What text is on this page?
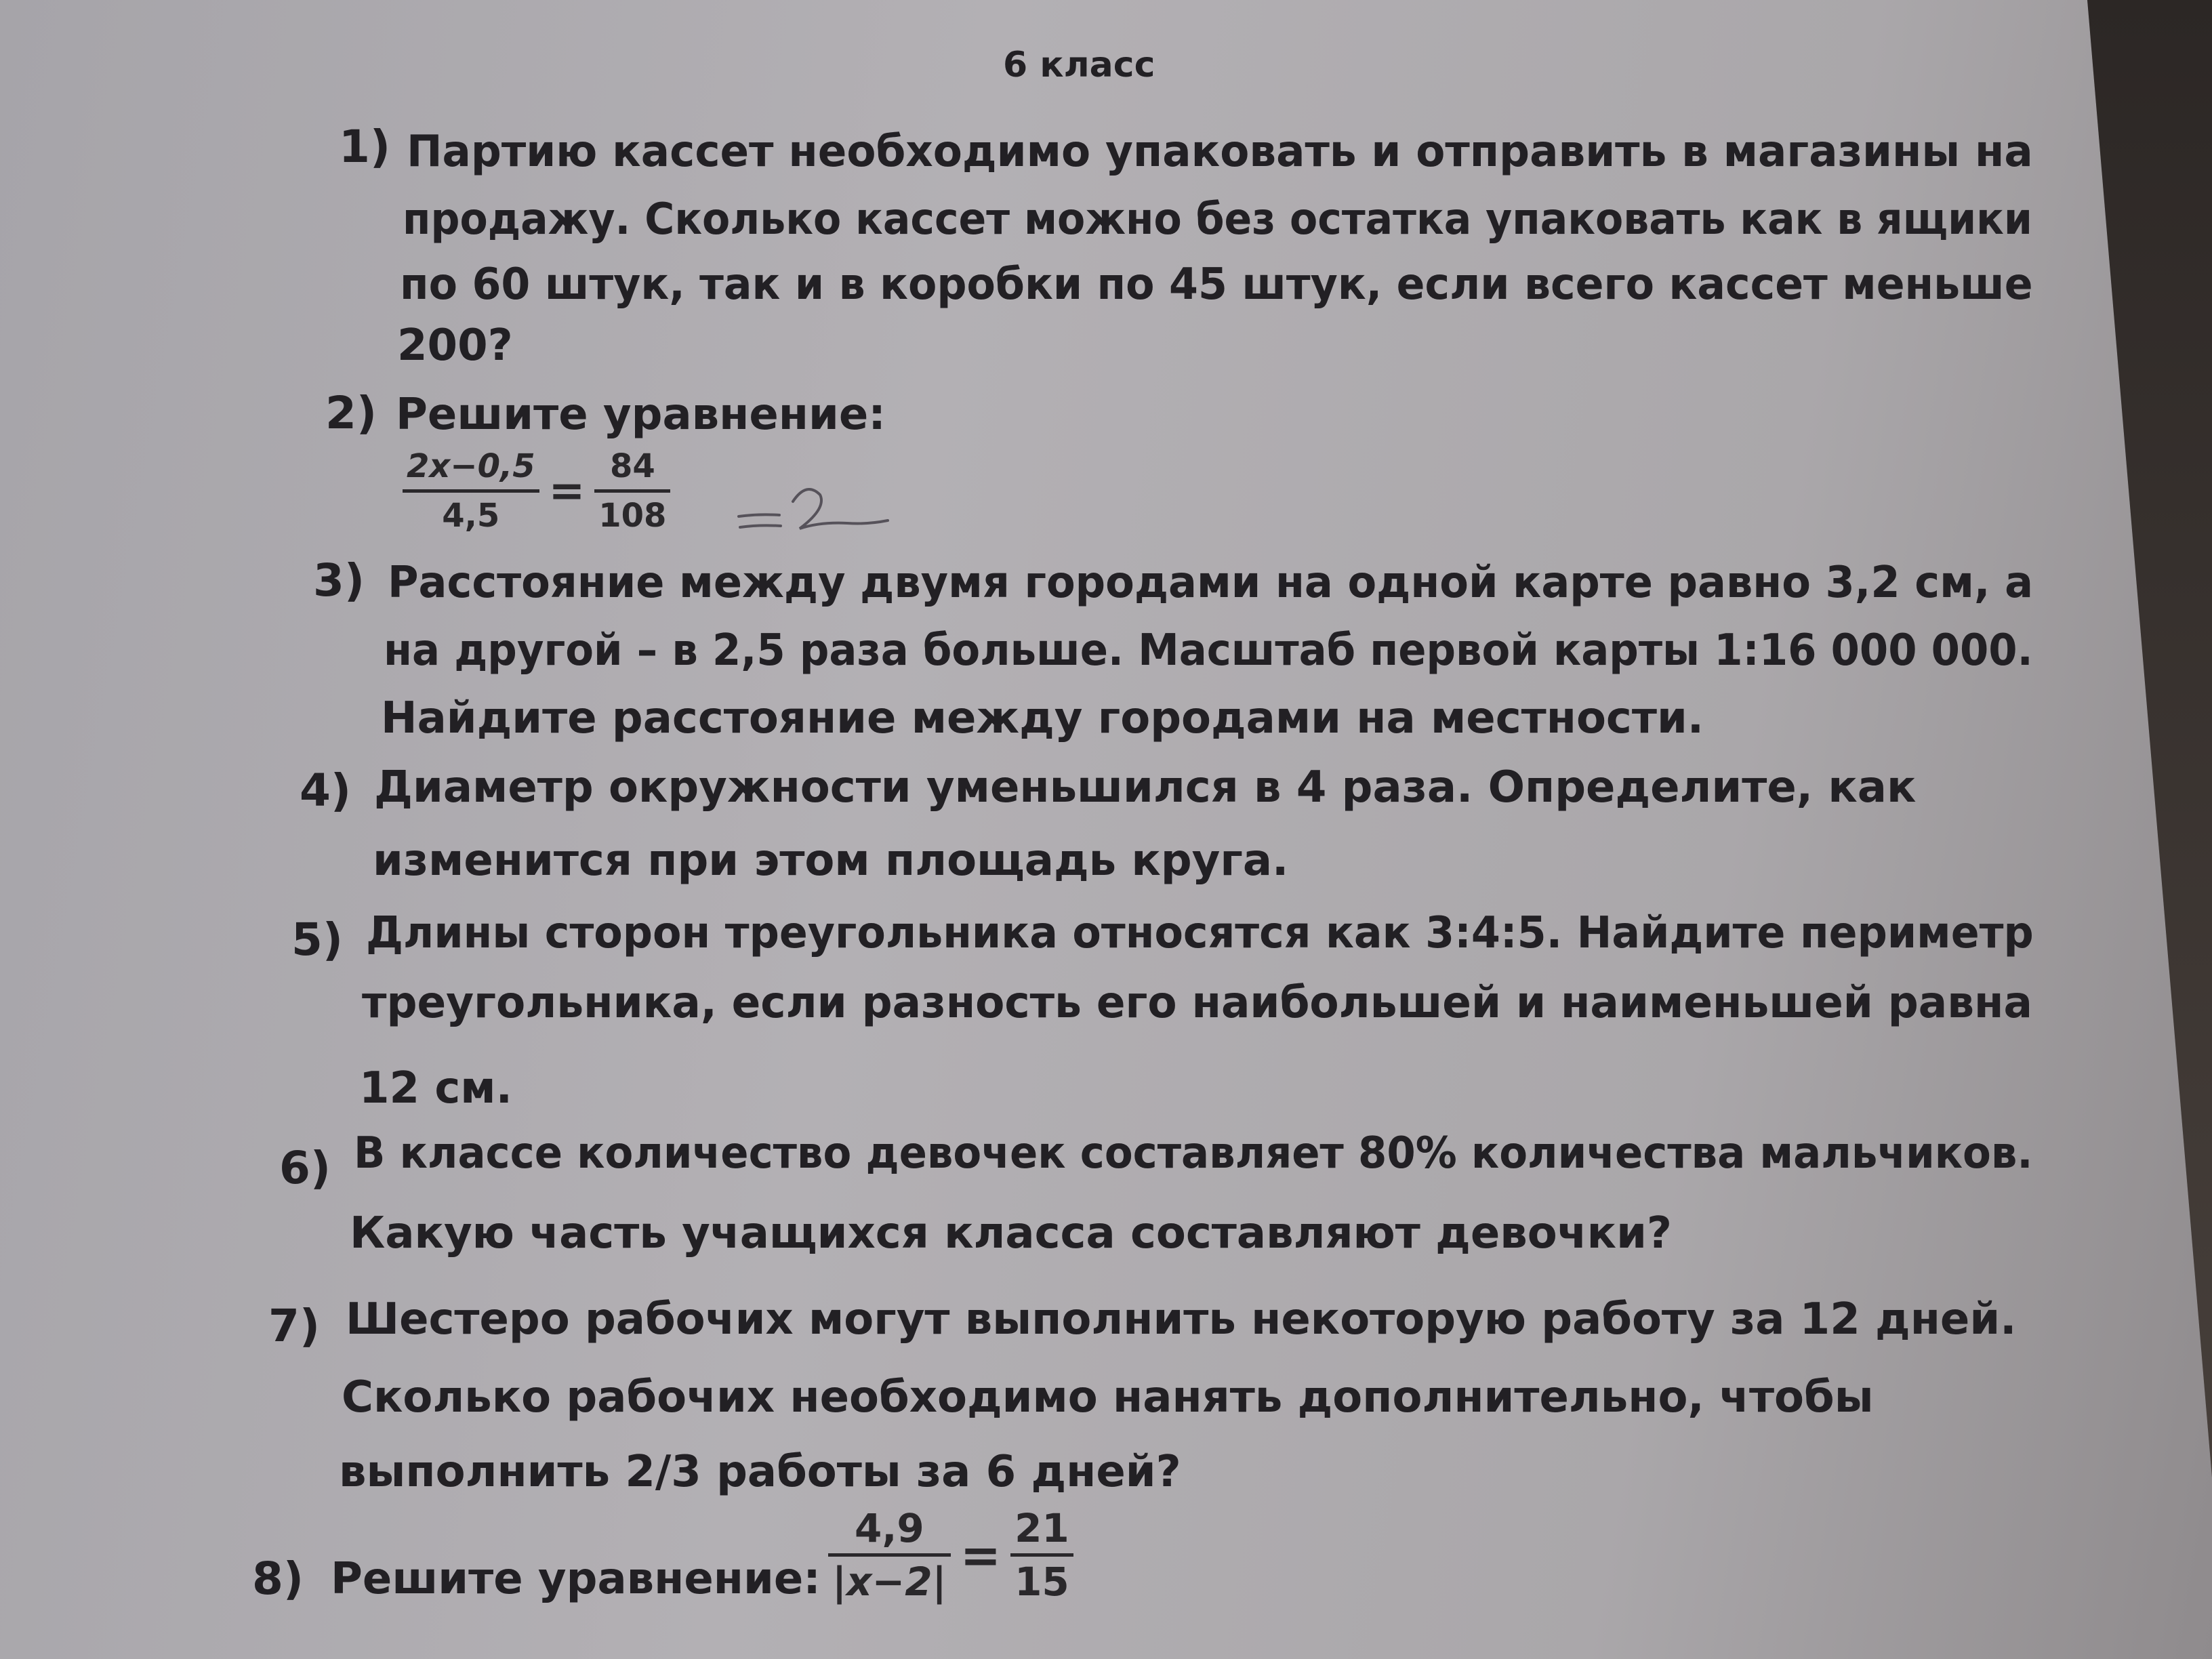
6 класс
1) Партию кассет необходимо упаковать и отправить в магазины на
продажу. Сколько кассет можно без остатка упаковать как в ящики
по 60 штук, так и в коробки по 45 штук, если всего кассет меньше
200?
2) Решите уравнение:
2x−0,5
4,5 = 84
108
3) Расстояние между двумя городами на одной карте равно 3,2 см, а
на другой – в 2,5 раза больше. Масштаб первой карты 1:16 000 000.
Найдите расстояние между городами на местности.
4) Диаметр окружности уменьшился в 4 раза. Определите, как
изменится при этом площадь круга.
5) Длины сторон треугольника относятся как 3:4:5. Найдите периметр
треугольника, если разность его наибольшей и наименьшей равна
12 см.
6) В классе количество девочек составляет 80% количества мальчиков.
Какую часть учащихся класса составляют девочки?
7) Шестеро рабочих могут выполнить некоторую работу за 12 дней.
Сколько рабочих необходимо нанять дополнительно, чтобы
выполнить 2/3 работы за 6 дней?
8) Решите уравнение:
4,9
|x−2| = 21
15
